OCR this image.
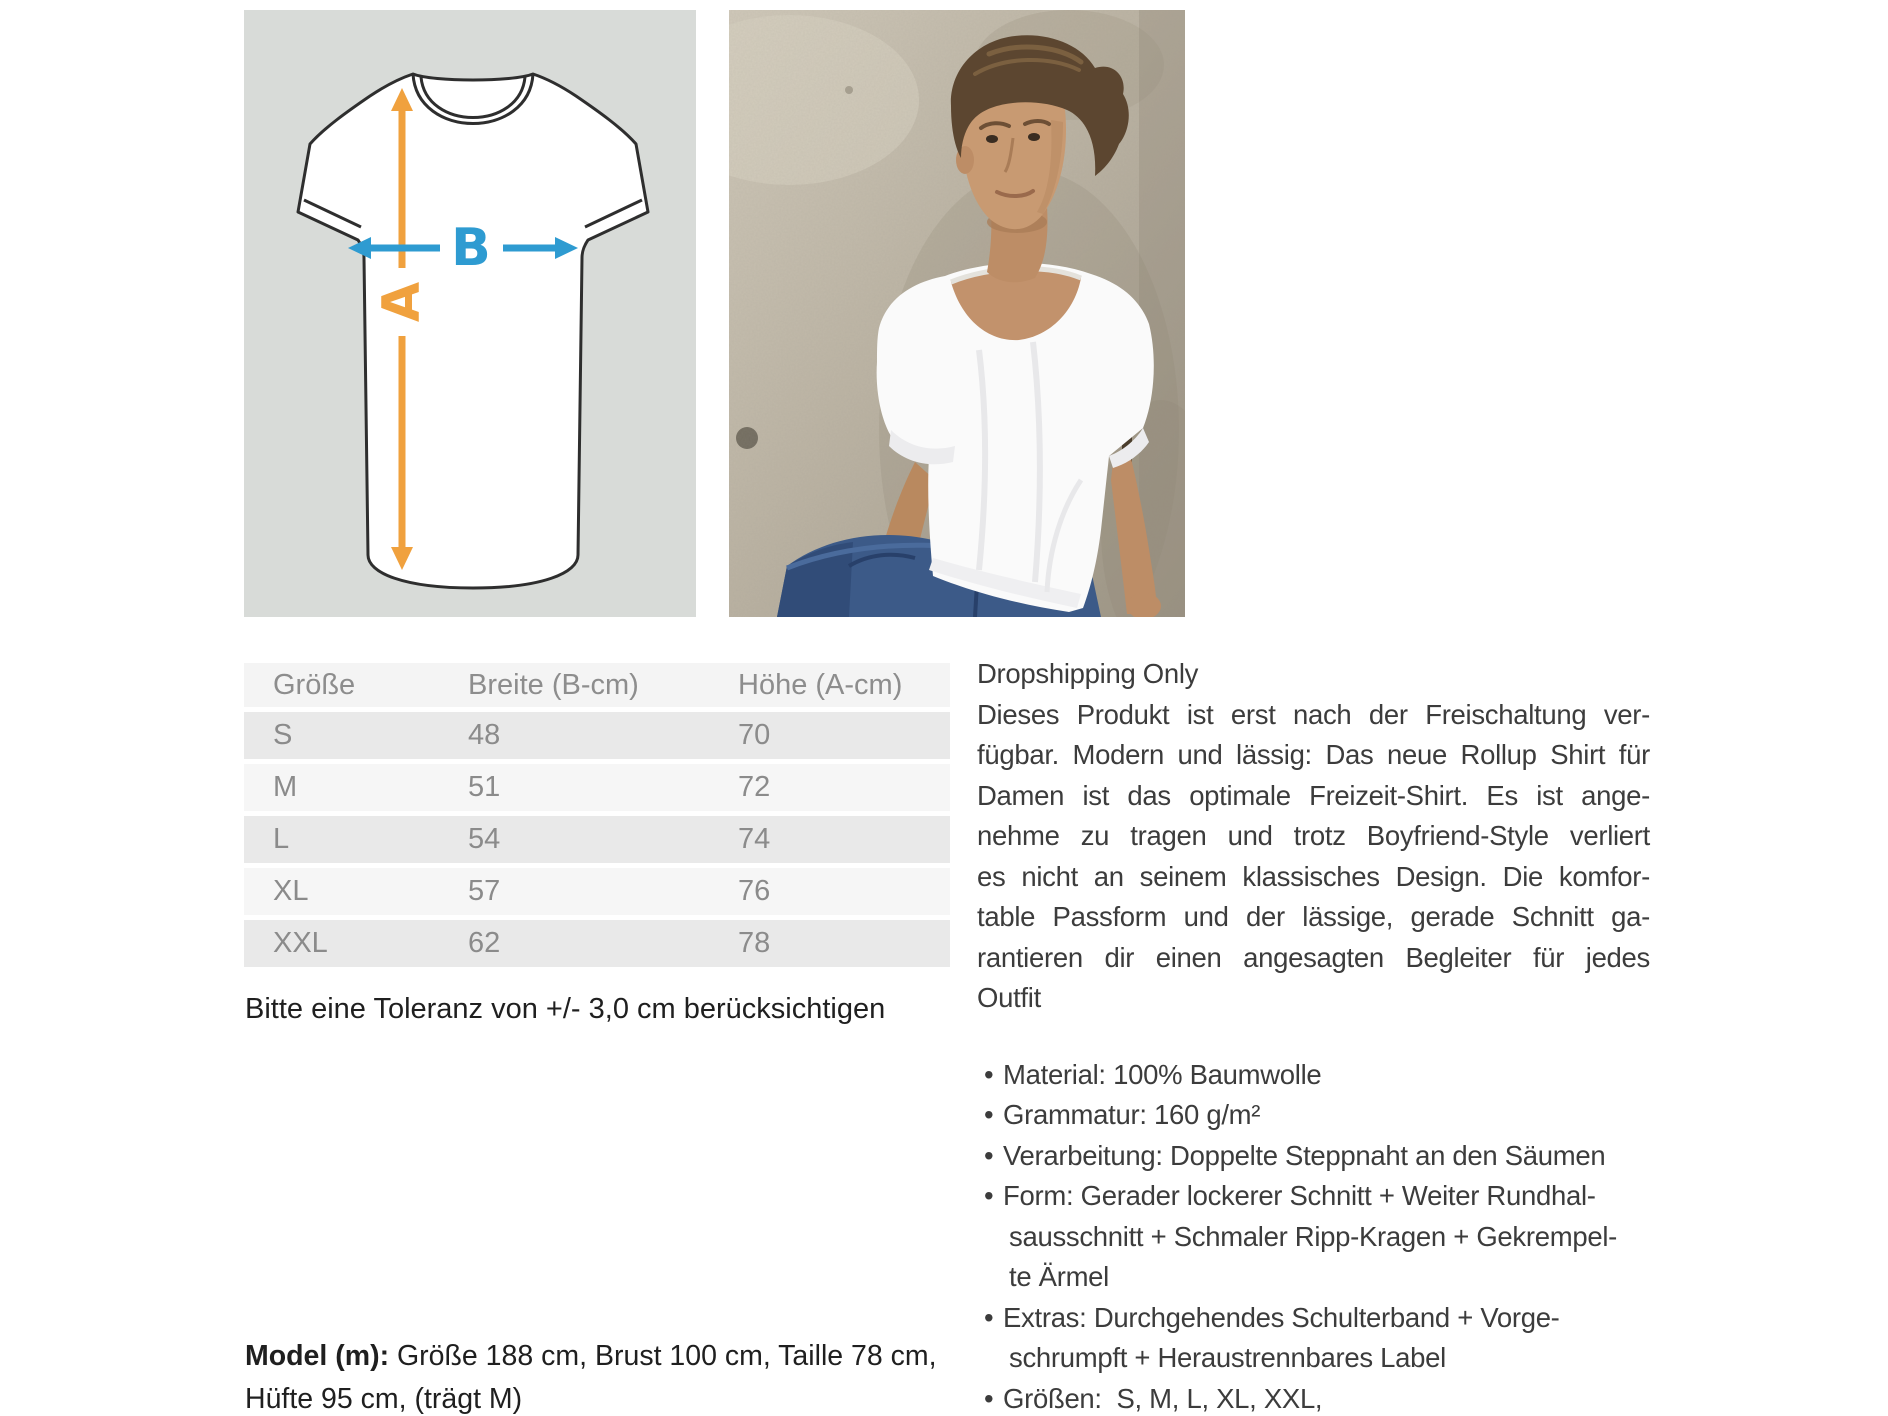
A
B
Größe	Breite (B-cm)	Höhe (A-cm)
S	48	70
M	51	72
L	54	74
XL	57	76
XXL	62	78
Bitte eine Toleranz von +/- 3,0 cm berücksichtigen
Model (m): Größe 188 cm, Brust 100 cm, Taille 78 cm,
Hüfte 95 cm, (trägt M)
Dropshipping Only
Dieses Produkt ist erst nach der Freischaltung ver-
fügbar. Modern und lässig: Das neue Rollup Shirt für
Damen ist das optimale Freizeit-Shirt. Es ist ange-
nehme zu tragen und trotz Boyfriend-Style verliert
es nicht an seinem klassisches Design. Die komfor-
table Passform und der lässige, gerade Schnitt ga-
rantieren dir einen angesagten Begleiter für jedes
Outfit
• Material: 100% Baumwolle
• Grammatur: 160 g/m²
• Verarbeitung: Doppelte Steppnaht an den Säumen
• Form: Gerader lockerer Schnitt + Weiter Rundhal-
sausschnitt + Schmaler Ripp-Kragen + Gekrempel-
te Ärmel
• Extras: Durchgehendes Schulterband + Vorge-
schrumpft + Heraustrennbares Label
• Größen:  S, M, L, XL, XXL,
